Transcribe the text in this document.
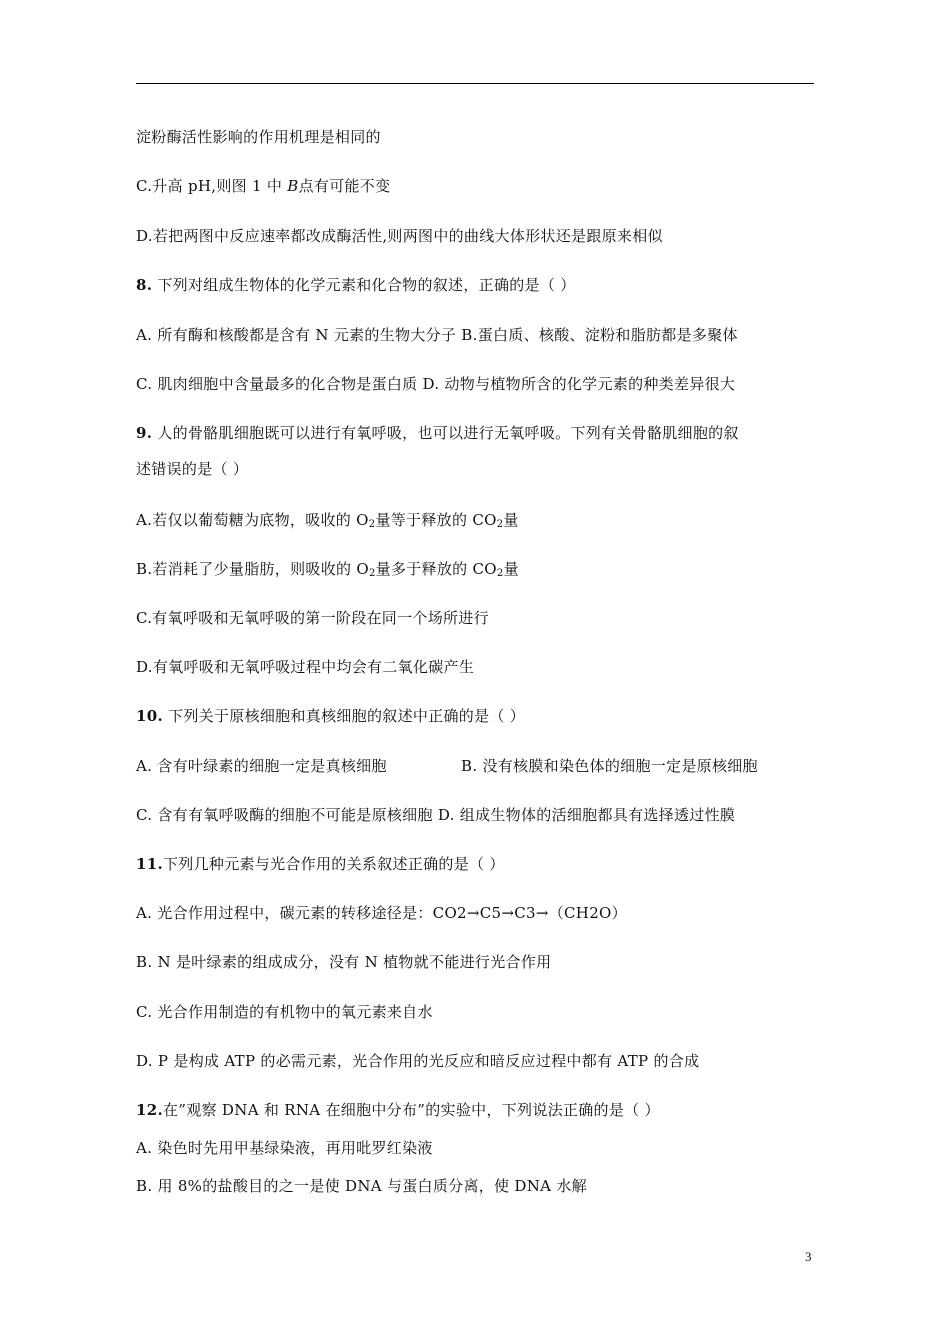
淀粉酶活性影响的作用机理是相同的
C.升高 pH,则图 1 中 B点有可能不变
D.若把两图中反应速率都改成酶活性,则两图中的曲线大体形状还是跟原来相似
8. 下列对组成生物体的化学元素和化合物的叙述，正确的是（ ）
A. 所有酶和核酸都是含有 N 元素的生物大分子 B.蛋白质、核酸、淀粉和脂肪都是多聚体
C. 肌肉细胞中含量最多的化合物是蛋白质 D. 动物与植物所含的化学元素的种类差异很大
9. 人的骨骼肌细胞既可以进行有氧呼吸，也可以进行无氧呼吸。下列有关骨骼肌细胞的叙
述错误的是（ ）
A.若仅以葡萄糖为底物，吸收的 $O_2$量等于释放的 $CO_2$量
B.若消耗了少量脂肪，则吸收的 $O_2$量多于释放的 $CO_2$量
C.有氧呼吸和无氧呼吸的第一阶段在同一个场所进行
D.有氧呼吸和无氧呼吸过程中均会有二氧化碳产生
10. 下列关于原核细胞和真核细胞的叙述中正确的是（ ）
A. 含有叶绿素的细胞一定是真核细胞	B. 没有核膜和染色体的细胞一定是原核细胞
C. 含有有氧呼吸酶的细胞不可能是原核细胞 D. 组成生物体的活细胞都具有选择透过性膜
11.下列几种元素与光合作用的关系叙述正确的是（ ）
A. 光合作用过程中，碳元素的转移途径是：CO2→C5→C3→（CH2O）
B. N 是叶绿素的组成成分，没有 N 植物就不能进行光合作用
C. 光合作用制造的有机物中的氧元素来自水
D. P 是构成 ATP 的必需元素，光合作用的光反应和暗反应过程中都有 ATP 的合成
12.在”观察 DNA 和 RNA 在细胞中分布”的实验中，下列说法正确的是（ ）
A. 染色时先用甲基绿染液，再用吡罗红染液
B. 用 8%的盐酸目的之一是使 DNA 与蛋白质分离，使 DNA 水解
3
